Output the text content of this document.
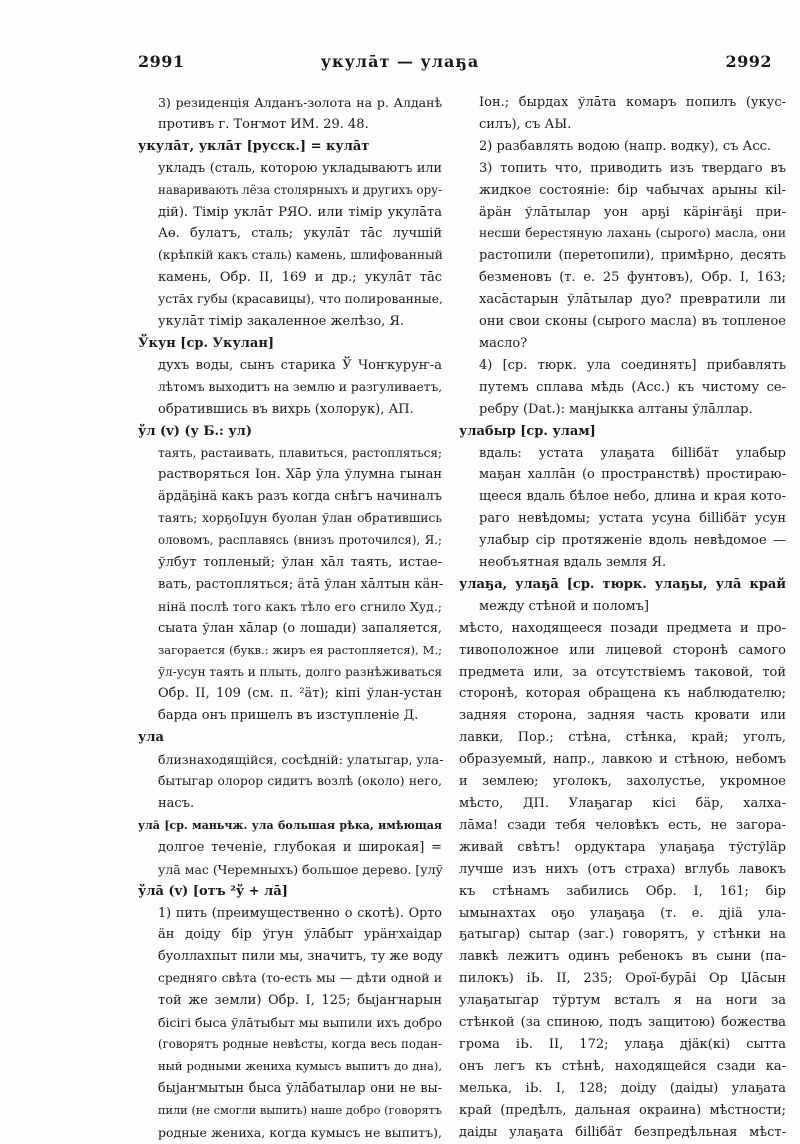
2991	укулāт — улаҕа	2992
3) резиденція Алданъ-золота на р. Алданѣ
противъ г. Тоҥмот ИМ. 29. 48.
укулāт, уклāт [русск.] = кулāт
укладъ (сталь, которою укладываютъ или
наваривають лёза столярныхъ и другихъ ору-
дій). Тімір уклāт РЯО. или тімір укулāта
Аө. булатъ, сталь; укулāт тāс лучшій
(крѣпкій какъ сталь) камень, шлифованный
камень, Обр. II, 169 и др.; укулāт тāс
устāх губы (красавицы), что полированные,
укулāт тімір закаленное желѣзо, Я.
Ўкун [ср. Укулан]
духъ воды, сынъ старика Ў Чоҥкуруҥ-а
лѣтомъ выходитъ на землю и разгуливаетъ,
обратившись въ вихрь (холорук), АП.
ўл (v) (у Б.: ул)
таять, растаивать, плавиться, растопляться;
растворяться Іон. Хāр ўла ўлумна гынан
äрдäҕінä какъ разъ когда снѣгъ начиналъ
таять; хорҕоІџун буолан ўлан обратившись
оловомъ, расплавясь (внизъ проточился), Я.;
ўлбут топленый; ўлан хāл таять, истае-
вать, растопляться; äтā ўлан хāлтын кäн-
нінä послѣ того какъ тѣло его сгнило Худ.;
сыата ўлан хāлар (о лошади) запаляется,
загорается (букв.: жиръ ея растопляется), М.;
ўл-усун таять и плыть, долго разнѣживаться
Обр. II, 109 (см. п. ²äт); кіпі ўлан-устан
барда онъ пришелъ въ изступленіе Д.
ула
близнаходящійся, сосѣдній: улатыгар, ула-
бытыгар олорор сидитъ возлѣ (около) него,
насъ.
улā [ср. маньчж. ула большая рѣка, имѣющая
долгое теченіе, глубокая и широкая] =
улā мас (Черемныхъ) большое дерево. [улў
ўлā (v) [отъ ²ў + лā]
1) пить (преимущественно о скотѣ). Орто
äн доіду бір ўгун ўлāбыт урäҥхаідар
буоллахпыт пили мы, значитъ, ту же воду
средняго свѣта (то-есть мы — дѣти одной и
той же земли) Обр. I, 125; быјаҥнарын
бісігі быса ўлāтыбыт мы выпили ихъ добро
(говорятъ родные невѣсты, когда весь подан-
ный родными жениха кумысъ выпитъ до дна),
быјаҥмытын быса ўлāбатылар они не вы-
пили (не смогли выпить) наше добро (говорятъ
родные жениха, когда кумысъ не выпитъ),
Іон.; бырдах ўлāта комаръ попилъ (укус-
силъ), съ АЫ.
2) разбавлять водою (напр. водку), съ Асс.
3) топить что, приводить изъ твердаго въ
жидкое состояніе: бір чабычах арыны кіl-
äрäн ўлāтылар уон арҕі кäріҥäҕі при-
несши берестяную лахань (сырого) масла, они
растопили (перетопили), примѣрно, десять
безменовъ (т. е. 25 фунтовъ), Обр. I, 163;
хасāстарын ўлāтылар дуо? превратили ли
они свои сконы (сырого масла) въ топленое
масло?
4) [ср. тюрк. ула соединять] прибавлять
путемъ сплава мѣдь (Асс.) къ чистому се-
ребру (Dat.): манјыкка алтаны ўлāллар.
улабыр [ср. улам]
вдаль: устата улаҕата біllібäт улабыр
маҕан халлāн (о пространствѣ) простираю-
щееся вдаль бѣлое небо, длина и края кото-
раго невѣдомы; устата усуна біlliбäт усун
улабыр сір протяженіе вдоль невѣдомое —
необъятная вдаль земля Я.
улаҕа, улаҕā [ср. тюрк. улаҕы, улā край
между стѣной и поломъ]
мѣсто, находящееся позади предмета и про-
тивоположное или лицевой сторонѣ самого
предмета или, за отсутствіемъ таковой, той
сторонѣ, которая обращена къ наблюдателю;
задняя сторона, задняя часть кровати или
лавки, Пор.; стѣна, стѣнка, край; уголъ,
образуемый, напр., лавкою и стѣною, небомъ
и землею; уголокъ, захолустье, укромное
мѣсто, ДП. Улаҕагар кісі бäр, халха-
лāма! сзади тебя человѣкъ есть, не загора-
живай свѣтъ! ордуктара улаҕаҕа тўстўläр
лучше изъ нихъ (отъ страха) вглубь лавокъ
къ стѣнамъ забились Обр. I, 161; бір
ымынахтах оҕо улаҕаҕа (т. е. дјіä ула-
ҕатыгар) сытар (заг.) говорятъ, у стѣнки на
лавкѣ лежитъ одинъ ребенокъ въ сыни (па-
пилокъ) іЬ. II, 235; Орої-бурāі Ор Џāсын
улаҕатыгар тўртум всталъ я на ноги за
стѣнкой (за спиною, подъ защитою) божества
грома іЬ. II, 172; улаҕа дјäк(кі) сытта
онъ легъ къ стѣнѣ, находящейся сзади ка-
мелька, іЬ. I, 128; доіду (даіды) улаҕата
край (предѣлъ, дальная окраина) мѣстности;
даіды улаҕата біllібäт безпредѣльная мѣст-
